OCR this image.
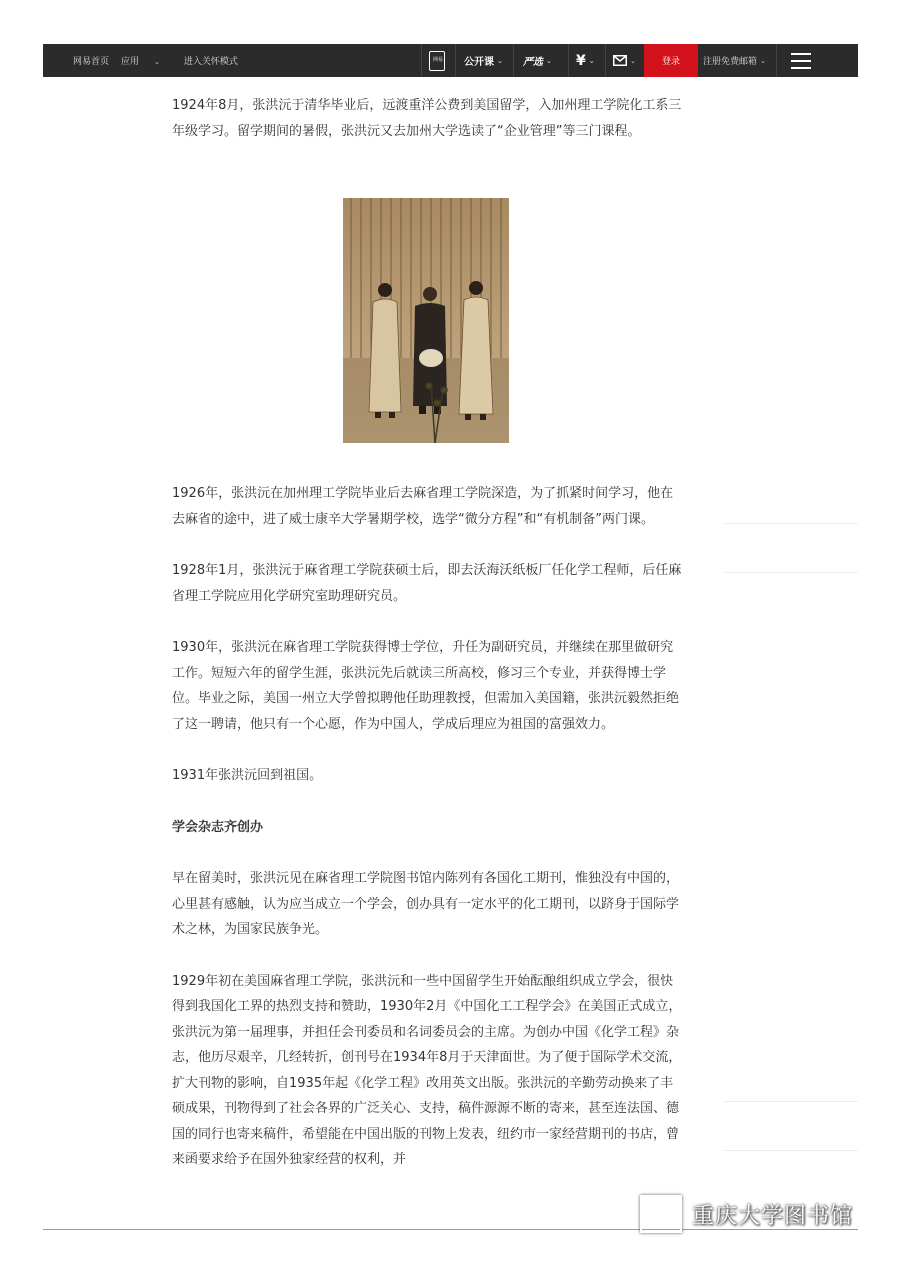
网易首页 应用 ⌄	进入关怀模式	网易 公开课 ⌄ 严选 ⌄ ¥ ⌄	⌄	登录	注册免费邮箱 ⌄

1924年8月，张洪沅于清华毕业后，远渡重洋公费到美国留学，入加州理工学院化工系三年级学习。留学期间的暑假，张洪沅又去加州大学选读了“企业管理”等三门课程。

1926年，张洪沅在加州理工学院毕业后去麻省理工学院深造，为了抓紧时间学习，他在去麻省的途中，进了威士康辛大学暑期学校，选学“微分方程”和“有机制备”两门课。

1928年1月，张洪沅于麻省理工学院获硕士后，即去沃海沃纸板厂任化学工程师，后任麻省理工学院应用化学研究室助理研究员。

1930年，张洪沅在麻省理工学院获得博士学位，升任为副研究员，并继续在那里做研究工作。短短六年的留学生涯，张洪沅先后就读三所高校，修习三个专业，并获得博士学位。毕业之际，美国一州立大学曾拟聘他任助理教授，但需加入美国籍，张洪沅毅然拒绝了这一聘请，他只有一个心愿，作为中国人，学成后理应为祖国的富强效力。

1931年张洪沅回到祖国。

学会杂志齐创办

早在留美时，张洪沅见在麻省理工学院图书馆内陈列有各国化工期刊，惟独没有中国的，心里甚有感触，认为应当成立一个学会，创办具有一定水平的化工期刊，以跻身于国际学术之林，为国家民族争光。

1929年初在美国麻省理工学院，张洪沅和一些中国留学生开始酝酿组织成立学会，很快得到我国化工界的热烈支持和赞助，1930年2月《中国化工工程学会》在美国正式成立，张洪沅为第一届理事，并担任会刊委员和名词委员会的主席。为创办中国《化学工程》杂志，他历尽艰辛，几经转折，创刊号在1934年8月于天津面世。为了便于国际学术交流，扩大刊物的影响，自1935年起《化学工程》改用英文出版。张洪沅的辛勤劳动换来了丰硕成果，刊物得到了社会各界的广泛关心、支持，稿件源源不断的寄来，甚至连法国、德国的同行也寄来稿件，希望能在中国出版的刊物上发表，纽约市一家经营期刊的书店，曾来函要求给予在国外独家经营的权利，并

重庆大学图书馆
